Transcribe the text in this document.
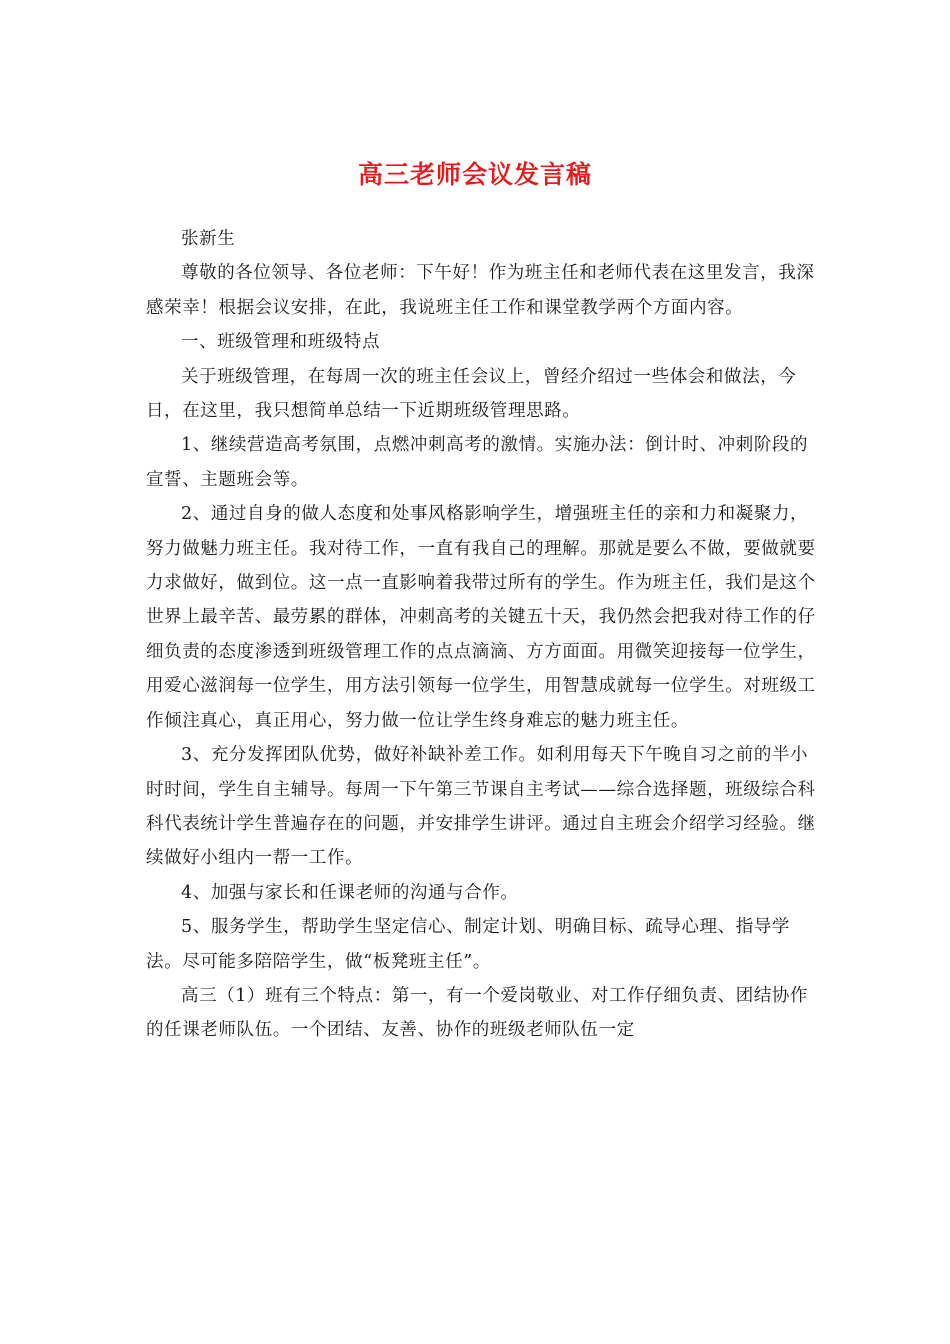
高三老师会议发言稿

张新生

尊敬的各位领导、各位老师：下午好！作为班主任和老师代表在这里发言，我深感荣幸！根据会议安排，在此，我说班主任工作和课堂教学两个方面内容。

一、班级管理和班级特点

关于班级管理，在每周一次的班主任会议上，曾经介绍过一些体会和做法，今日，在这里，我只想简单总结一下近期班级管理思路。

1、继续营造高考氛围，点燃冲刺高考的激情。实施办法：倒计时、冲刺阶段的宣誓、主题班会等。

2、通过自身的做人态度和处事风格影响学生，增强班主任的亲和力和凝聚力，努力做魅力班主任。我对待工作，一直有我自己的理解。那就是要么不做，要做就要力求做好，做到位。这一点一直影响着我带过所有的学生。作为班主任，我们是这个世界上最辛苦、最劳累的群体，冲刺高考的关键五十天，我仍然会把我对待工作的仔细负责的态度渗透到班级管理工作的点点滴滴、方方面面。用微笑迎接每一位学生，用爱心滋润每一位学生，用方法引领每一位学生，用智慧成就每一位学生。对班级工作倾注真心，真正用心，努力做一位让学生终身难忘的魅力班主任。

3、充分发挥团队优势，做好补缺补差工作。如利用每天下午晚自习之前的半小时时间，学生自主辅导。每周一下午第三节课自主考试——综合选择题，班级综合科科代表统计学生普遍存在的问题，并安排学生讲评。通过自主班会介绍学习经验。继续做好小组内一帮一工作。

4、加强与家长和任课老师的沟通与合作。

5、服务学生，帮助学生坚定信心、制定计划、明确目标、疏导心理、指导学法。尽可能多陪陪学生，做“板凳班主任”。

高三（1）班有三个特点：第一，有一个爱岗敬业、对工作仔细负责、团结协作的任课老师队伍。一个团结、友善、协作的班级老师队伍一定
